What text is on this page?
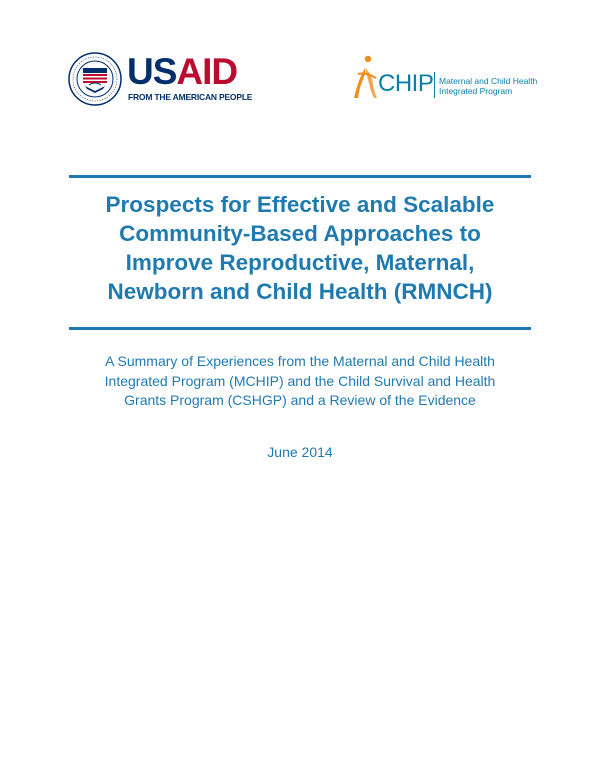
USAID
FROM THE AMERICAN PEOPLE	CHIP Maternal and Child Health
Integrated Program
Prospects for Effective and Scalable
Community-Based Approaches to
Improve Reproductive, Maternal,
Newborn and Child Health (RMNCH)
A Summary of Experiences from the Maternal and Child Health
Integrated Program (MCHIP) and the Child Survival and Health
Grants Program (CSHGP) and a Review of the Evidence
June 2014
